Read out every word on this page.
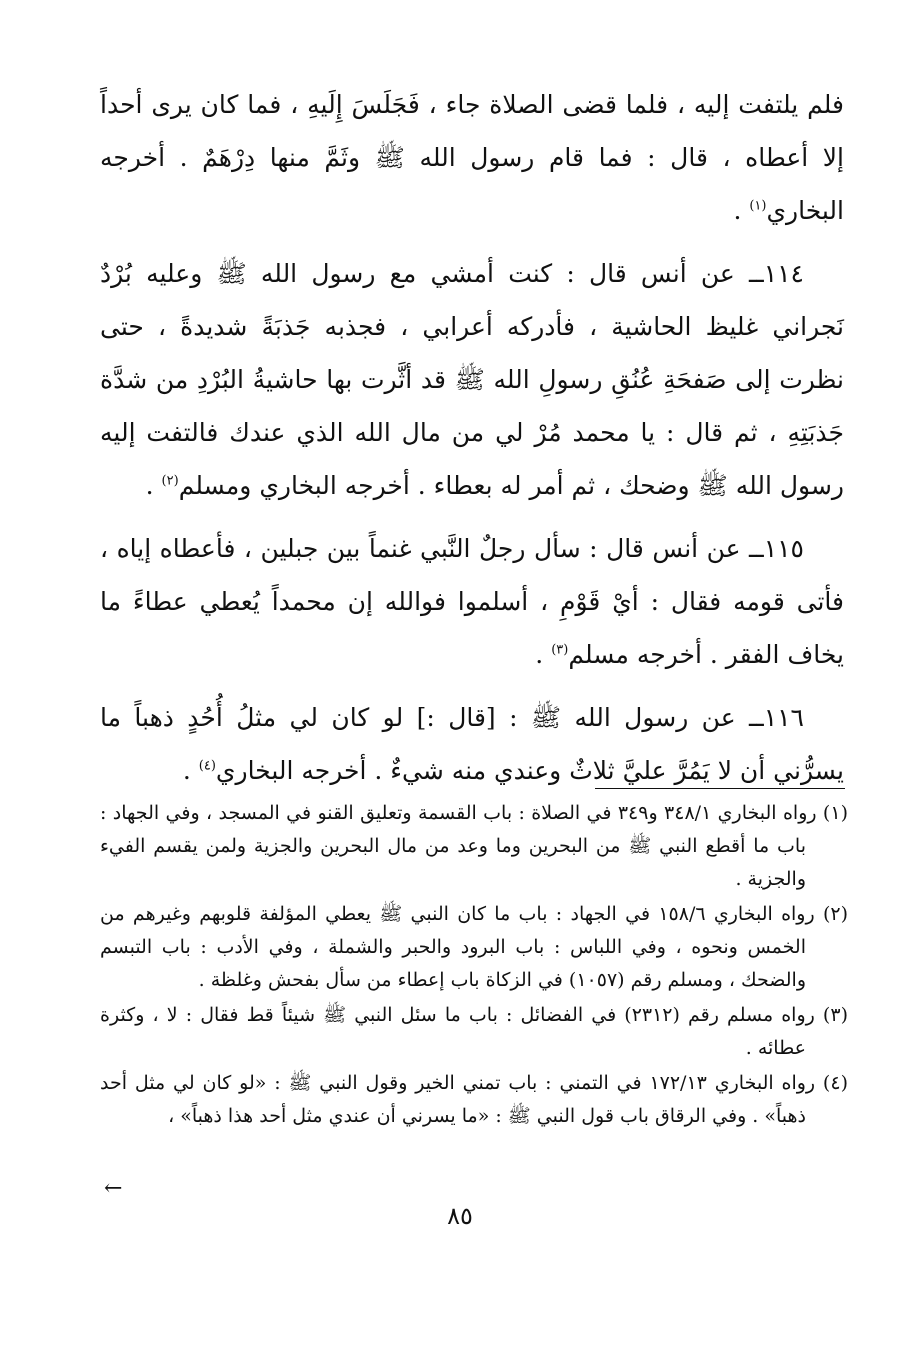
فلم يلتفت إليه ، فلما قضى الصلاة جاء ، فَجَلَسَ إِلَيهِ ، فما كان يرى أحداً إلا أعطاه ، قال : فما قام رسول الله ﷺ وثَمَّ منها دِرْهَمٌ . أخرجه البخاري$^{(١)}$ .

١١٤ــ عن أنس قال : كنت أمشي مع رسول الله ﷺ وعليه بُرْدٌ نَجراني غليظ الحاشية ، فأدركه أعرابي ، فجذبه جَذبَةً شديدةً ، حتى نظرت إلى صَفحَةِ عُنُقِ رسولِ الله ﷺ قد أثَّرت بها حاشيةُ البُرْدِ من شدَّة جَذبَتِهِ ، ثم قال : يا محمد مُرْ لي من مال الله الذي عندك فالتفت إليه رسول الله ﷺ وضحك ، ثم أمر له بعطاء . أخرجه البخاري ومسلم$^{(٢)}$ .

١١٥ــ عن أنس قال : سأل رجلٌ النَّبي غنماً بين جبلين ، فأعطاه إياه ، فأتى قومه فقال : أيْ قَوْمِ ، أسلموا فوالله إن محمداً يُعطي عطاءً ما يخاف الفقر . أخرجه مسلم$^{(٣)}$ .

١١٦ــ عن رسول الله ﷺ : [قال :] لو كان لي مثلُ أُحُدٍ ذهباً ما يسرُّني أن لا يَمُرَّ عليَّ ثلاثٌ وعندي منه شيءٌ . أخرجه البخاري$^{(٤)}$ .

(١) رواه البخاري ٣٤٨/١ و٣٤٩ في الصلاة : باب القسمة وتعليق القنو في المسجد ، وفي الجهاد : باب ما أقطع النبي ﷺ من البحرين وما وعد من مال البحرين والجزية ولمن يقسم الفيء والجزية .

(٢) رواه البخاري ١٥٨/٦ في الجهاد : باب ما كان النبي ﷺ يعطي المؤلفة قلوبهم وغيرهم من الخمس ونحوه ، وفي اللباس : باب البرود والحبر والشملة ، وفي الأدب : باب التبسم والضحك ، ومسلم رقم (١٠٥٧) في الزكاة باب إعطاء من سأل بفحش وغلظة .

(٣) رواه مسلم رقم (٢٣١٢) في الفضائل : باب ما سئل النبي ﷺ شيئاً قط فقال : لا ، وكثرة عطائه .

(٤) رواه البخاري ١٧٢/١٣ في التمني : باب تمني الخير وقول النبي ﷺ : «لو كان لي مثل أحد ذهباً» . وفي الرقاق باب قول النبي ﷺ : «ما يسرني أن عندي مثل أحد هذا ذهباً» ،

←
٨٥
